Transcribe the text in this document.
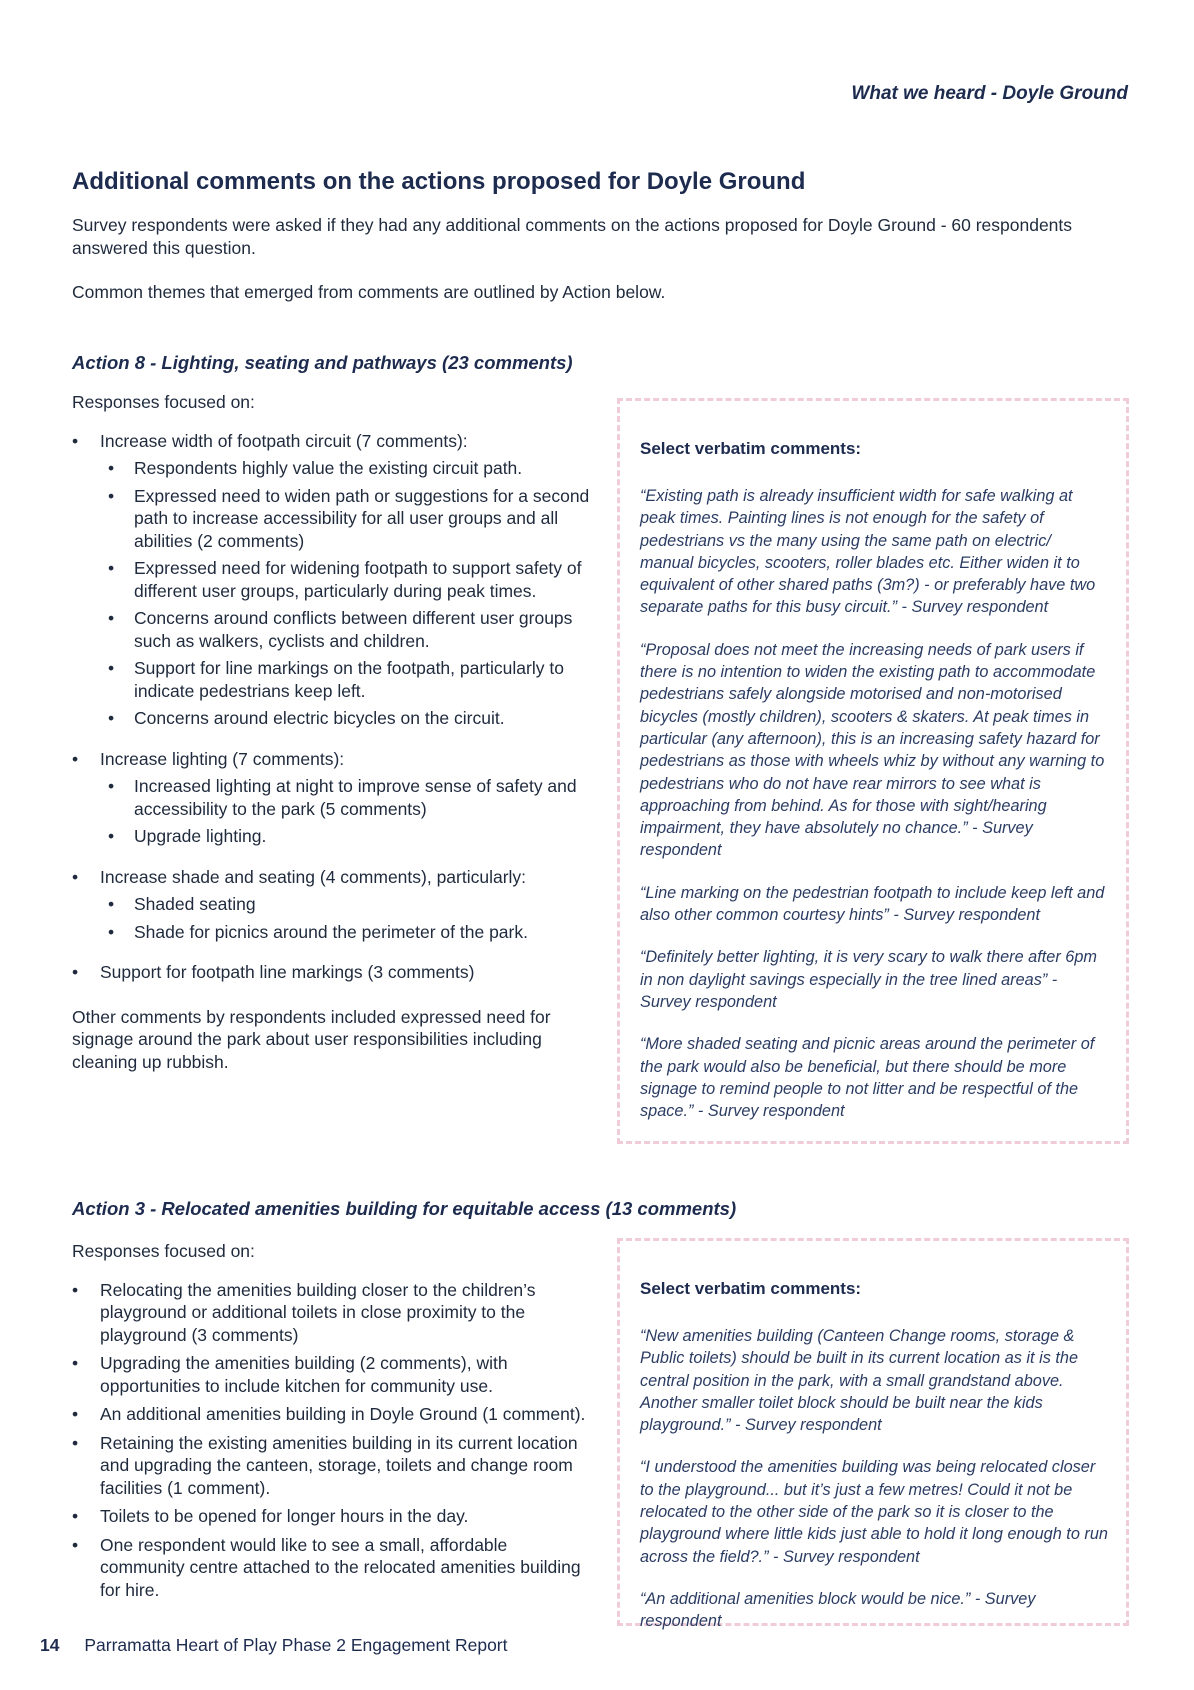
What we heard - Doyle Ground
Additional comments on the actions proposed for Doyle Ground

Survey respondents were asked if they had any additional comments on the actions proposed for Doyle Ground - 60 respondents answered this question.

Common themes that emerged from comments are outlined by Action below.

Action 8 - Lighting, seating and pathways (23 comments)

Responses focused on:

• Increase width of footpath circuit (7 comments):
• Respondents highly value the existing circuit path.
• Expressed need to widen path or suggestions for a second path to increase accessibility for all user groups and all abilities (2 comments)
• Expressed need for widening footpath to support safety of different user groups, particularly during peak times.
• Concerns around conflicts between different user groups such as walkers, cyclists and children.
• Support for line markings on the footpath, particularly to indicate pedestrians keep left.
• Concerns around electric bicycles on the circuit.
• Increase lighting (7 comments):
• Increased lighting at night to improve sense of safety and accessibility to the park (5 comments)
• Upgrade lighting.
• Increase shade and seating (4 comments), particularly:
• Shaded seating
• Shade for picnics around the perimeter of the park.
• Support for footpath line markings (3 comments)

Other comments by respondents included expressed need for signage around the park about user responsibilities including cleaning up rubbish.

Select verbatim comments:

“Existing path is already insufficient width for safe walking at peak times. Painting lines is not enough for the safety of pedestrians vs the many using the same path on electric/ manual bicycles, scooters, roller blades etc. Either widen it to equivalent of other shared paths (3m?) - or preferably have two separate paths for this busy circuit.” - Survey respondent

“Proposal does not meet the increasing needs of park users if there is no intention to widen the existing path to accommodate pedestrians safely alongside motorised and non-motorised bicycles (mostly children), scooters & skaters. At peak times in particular (any afternoon), this is an increasing safety hazard for pedestrians as those with wheels whiz by without any warning to pedestrians who do not have rear mirrors to see what is approaching from behind. As for those with sight/hearing impairment, they have absolutely no chance.” - Survey respondent

“Line marking on the pedestrian footpath to include keep left and also other common courtesy hints” - Survey respondent

“Definitely better lighting, it is very scary to walk there after 6pm in non daylight savings especially in the tree lined areas” - Survey respondent

“More shaded seating and picnic areas around the perimeter of the park would also be beneficial, but there should be more signage to remind people to not litter and be respectful of the space.” - Survey respondent

Action 3 - Relocated amenities building for equitable access (13 comments)

Responses focused on:

• Relocating the amenities building closer to the children’s playground or additional toilets in close proximity to the playground (3 comments)
• Upgrading the amenities building (2 comments), with opportunities to include kitchen for community use.
• An additional amenities building in Doyle Ground (1 comment).
• Retaining the existing amenities building in its current location and upgrading the canteen, storage, toilets and change room facilities (1 comment).
• Toilets to be opened for longer hours in the day.
• One respondent would like to see a small, affordable community centre attached to the relocated amenities building for hire.

Select verbatim comments:

“New amenities building (Canteen Change rooms, storage & Public toilets) should be built in its current location as it is the central position in the park, with a small grandstand above. Another smaller toilet block should be built near the kids playground.” - Survey respondent

“I understood the amenities building was being relocated closer to the playground... but it’s just a few metres! Could it not be relocated to the other side of the park so it is closer to the playground where little kids just able to hold it long enough to run across the field?.” - Survey respondent

“An additional amenities block would be nice.” - Survey respondent

14 Parramatta Heart of Play Phase 2 Engagement Report
